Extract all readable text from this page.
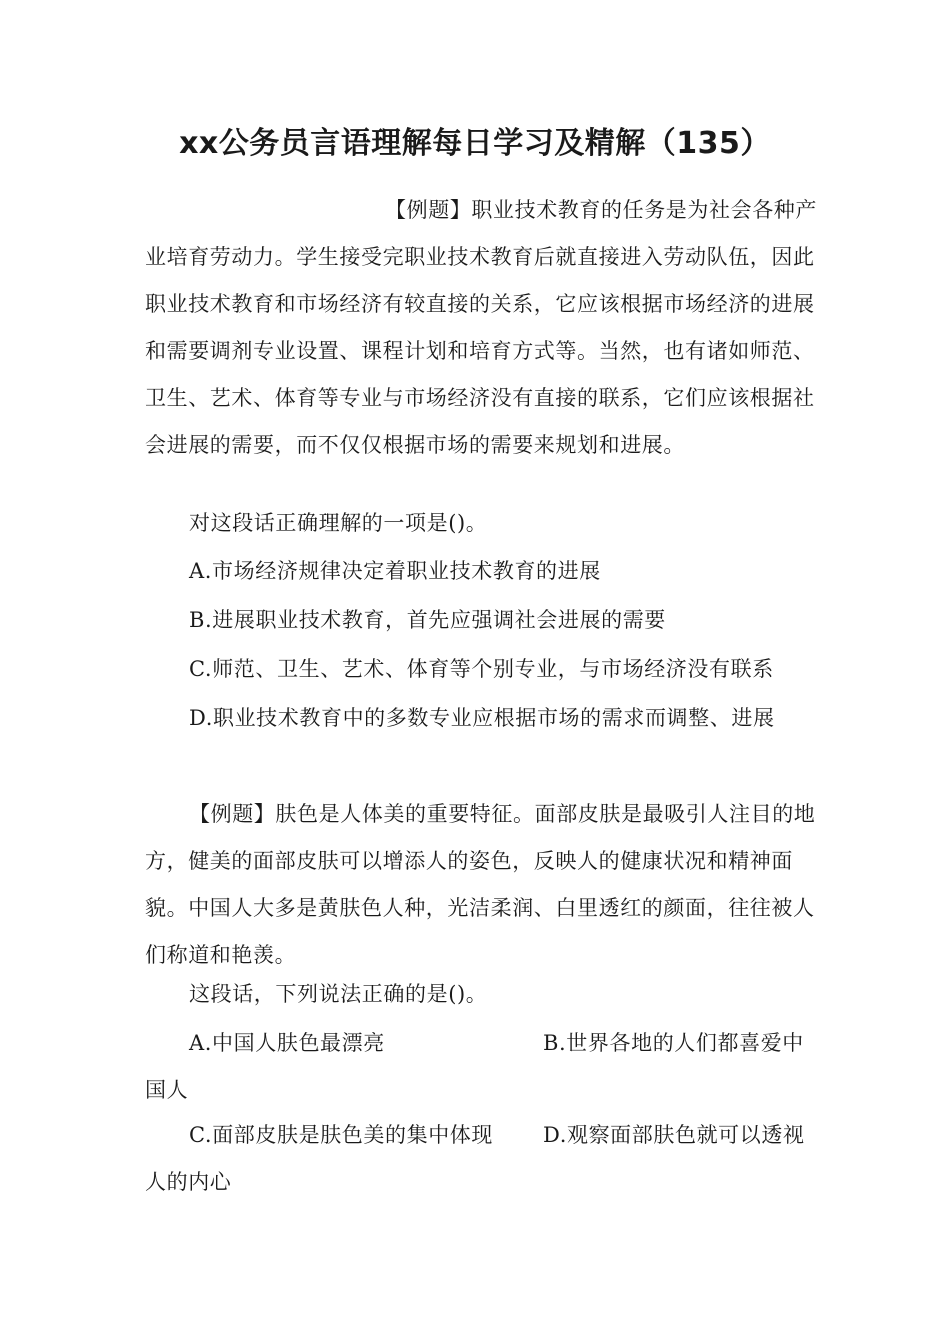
xx公务员言语理解每日学习及精解（135）

【例题】职业技术教育的任务是为社会各种产业培育劳动力。学生接受完职业技术教育后就直接进入劳动队伍，因此职业技术教育和市场经济有较直接的关系，它应该根据市场经济的进展和需要调剂专业设置、课程计划和培育方式等。当然，也有诸如师范、卫生、艺术、体育等专业与市场经济没有直接的联系，它们应该根据社会进展的需要，而不仅仅根据市场的需要来规划和进展。

对这段话正确理解的一项是()。

A.市场经济规律决定着职业技术教育的进展

B.进展职业技术教育，首先应强调社会进展的需要

C.师范、卫生、艺术、体育等个别专业，与市场经济没有联系

D.职业技术教育中的多数专业应根据市场的需求而调整、进展

【例题】肤色是人体美的重要特征。面部皮肤是最吸引人注目的地方，健美的面部皮肤可以增添人的姿色，反映人的健康状况和精神面貌。中国人大多是黄肤色人种，光洁柔润、白里透红的颜面，往往被人们称道和艳羡。

这段话，下列说法正确的是()。

A.中国人肤色最漂亮	B.世界各地的人们都喜爱中
国人
C.面部皮肤是肤色美的集中体现 D.观察面部肤色就可以透视
人的内心
